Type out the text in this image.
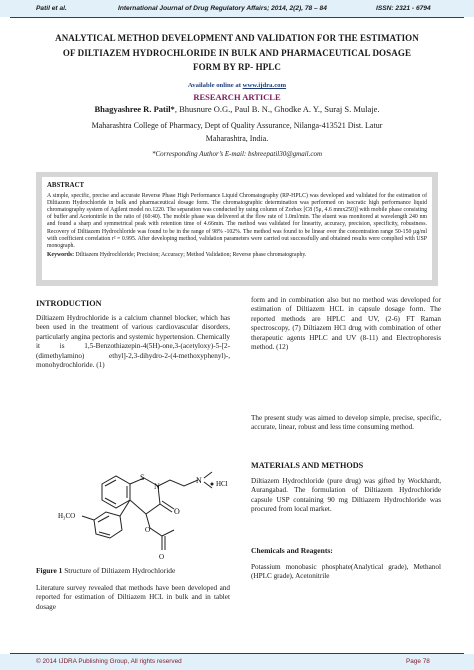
Patil et al.	International Journal of Drug Regulatory Affairs; 2014, 2(2), 78 – 84	ISSN: 2321 - 6794
ANALYTICAL METHOD DEVELOPMENT AND VALIDATION FOR THE ESTIMATION
OF DILTIAZEM HYDROCHLORIDE IN BULK AND PHARMACEUTICAL DOSAGE
FORM BY RP- HPLC
Available online at www.ijdra.com
RESEARCH ARTICLE
Bhagyashree R. Patil*, Bhusnure O.G., Paul B. N., Ghodke A. Y., Suraj S. Mulaje.
Maharashtra College of Pharmacy, Dept of Quality Assurance, Nilanga-413521 Dist. Latur
Maharashtra, India.
*Corresponding Author’s E-mail: bshreepatil30@gmail.com
ABSTRACT
A simple, specific, precise and accurate Reverse Phase High Performance Liquid Chromatography (RP-HPLC) was developed and validated for the estimation of Diltiazem Hydrochloride in bulk and pharmaceutical dosage form. The chromatographic determination was performed on isocratic high performance liquid chromatography system of Agilent model no.1220. The separation was conducted by using column of Zorbax [C8 (5μ, 4.6 mmx250)] with mobile phase consisting of buffer and Acetonitrile in the ratio of (60:40). The mobile phase was delivered at the flow rate of 1.0ml/min. The eluent was monitored at wavelength 240 nm and found a sharp and symmetrical peak with retention time of 4.66min. The method was validated for linearity, accuracy, precision, specificity, robustness. Recovery of Diltiazem Hydrochloride was found to be in the range of 98% -102%. The method was found to be linear over the concentration range 50-150 µg/ml with coefficient correlation r² = 0.995. After developing method, validation parameters were carried out successfully and obtained results were complied with USP monograph.
Keywords: Diltiazem Hydrochloride; Precision; Accuracy; Method Validation; Reverse phase chromatography.
INTRODUCTION
Diltiazem Hydrochloride is a calcium channel blocker, which has been used in the treatment of various cardiovascular disorders, particularly angina pectoris and systemic hypertension. Chemically it is 1,5-Benzothiazepin-4(5H)-one,3-(acetyloxy)-5-[2-(dimethylamino) ethyl]-2,3-dihydro-2-(4-methoxyphenyl)-, monohydrochloride. (1)
S
N
N
O
O
O
HCl
H₃CO
Figure 1 Structure of Diltiazem Hydrochloride
Literature survey revealed that methods have been developed and reported for estimation of Diltiazem HCL in bulk and in tablet dosage
form and in combination also but no method was developed for estimation of Diltiazem HCL in capsule dosage form. The reported methods are HPLC and UV, (2-6) FT Raman spectroscopy, (7) Diltiazem HCl drug with combination of other therapeutic agents HPLC and UV (8-11) and Electrophoresis method. (12)
The present study was aimed to develop simple, precise, specific, accurate, linear, robust and less time consuming method.
MATERIALS AND METHODS
Diltiazem Hydrochloride (pure drug) was gifted by Wockhardt, Aurangabad. The formulation of Diltiazem Hydrochloride capsule USP containing 90 mg Diltiazem Hydrochloride was procured from local market.
Chemicals and Reagents:
Potassium monobasic phosphate(Analytical grade), Methanol (HPLC grade), Acetonitrile
© 2014 IJDRA Publishing Group, All rights reserved	Page 78
